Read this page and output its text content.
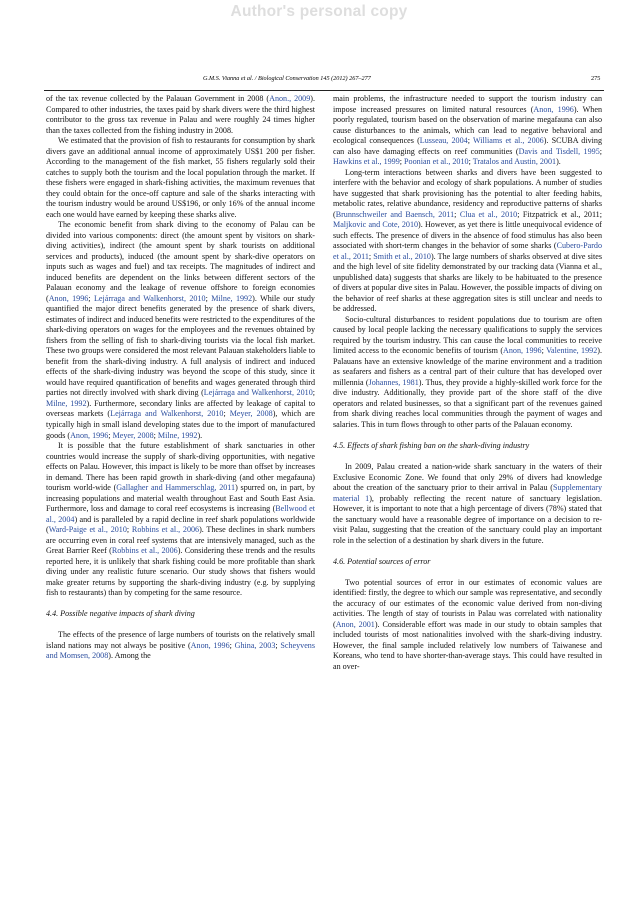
Author's personal copy
G.M.S. Vianna et al. / Biological Conservation 145 (2012) 267–277	275

of the tax revenue collected by the Palauan Government in 2008 (Anon., 2009). Compared to other industries, the taxes paid by shark divers were the third highest contributor to the gross tax revenue in Palau and were roughly 24 times higher than the taxes collected from the fishing industry in 2008.

We estimated that the provision of fish to restaurants for consumption by shark divers gave an additional annual income of approximately US$1 200 per fisher. According to the management of the fish market, 55 fishers regularly sold their catches to supply both the tourism and the local population through the market. If these fishers were engaged in shark-fishing activities, the maximum revenues that they could obtain for the once-off capture and sale of the sharks interacting with the tourism industry would be around US$196, or only 16% of the annual income each one would have earned by keeping these sharks alive.

The economic benefit from shark diving to the economy of Palau can be divided into various components: direct (the amount spent by visitors on shark-diving activities), indirect (the amount spent by shark tourists on additional services and products), induced (the amount spent by shark-dive operators on inputs such as wages and fuel) and tax receipts. The magnitudes of indirect and induced benefits are dependent on the links between different sectors of the Palauan economy and the leakage of revenue offshore to foreign economies (Anon, 1996; Lejárraga and Walkenhorst, 2010; Milne, 1992). While our study quantified the major direct benefits generated by the presence of shark divers, estimates of indirect and induced benefits were restricted to the expenditures of the shark-diving operators on wages for the employees and the revenues obtained by fishers from the selling of fish to shark-diving tourists via the local fish market. These two groups were considered the most relevant Palauan stakeholders liable to benefit from the shark-diving industry. A full analysis of indirect and induced effects of the shark-diving industry was beyond the scope of this study, since it would have required quantification of benefits and wages generated through third parties not directly involved with shark diving (Lejárraga and Walkenhorst, 2010; Milne, 1992). Furthermore, secondary links are affected by leakage of capital to overseas markets (Lejárraga and Walkenhorst, 2010; Meyer, 2008), which are typically high in small island developing states due to the import of manufactured goods (Anon, 1996; Meyer, 2008; Milne, 1992).

It is possible that the future establishment of shark sanctuaries in other countries would increase the supply of shark-diving opportunities, with negative effects on Palau. However, this impact is likely to be more than offset by increases in demand. There has been rapid growth in shark-diving (and other megafauna) tourism world-wide (Gallagher and Hammerschlag, 2011) spurred on, in part, by increasing populations and material wealth throughout East and South East Asia. Furthermore, loss and damage to coral reef ecosystems is increasing (Bellwood et al., 2004) and is paralleled by a rapid decline in reef shark populations worldwide (Ward-Paige et al., 2010; Robbins et al., 2006). These declines in shark numbers are occurring even in coral reef systems that are intensively managed, such as the Great Barrier Reef (Robbins et al., 2006). Considering these trends and the results reported here, it is unlikely that shark fishing could be more profitable than shark diving under any realistic future scenario. Our study shows that fishers would make greater returns by supporting the shark-diving industry (e.g. by supplying fish to restaurants) than by competing for the same resource.

4.4. Possible negative impacts of shark diving

The effects of the presence of large numbers of tourists on the relatively small island nations may not always be positive (Anon, 1996; Ghina, 2003; Scheyvens and Momsen, 2008). Among the

main problems, the infrastructure needed to support the tourism industry can impose increased pressures on limited natural resources (Anon, 1996). When poorly regulated, tourism based on the observation of marine megafauna can also cause disturbances to the animals, which can lead to negative behavioral and ecological consequences (Lusseau, 2004; Williams et al., 2006). SCUBA diving can also have damaging effects on reef communities (Davis and Tisdell, 1995; Hawkins et al., 1999; Poonian et al., 2010; Tratalos and Austin, 2001).

Long-term interactions between sharks and divers have been suggested to interfere with the behavior and ecology of shark populations. A number of studies have suggested that shark provisioning has the potential to alter feeding habits, metabolic rates, relative abundance, residency and reproductive patterns of sharks (Brunnschweiler and Baensch, 2011; Clua et al., 2010; Fitzpatrick et al., 2011; Maljkovic and Cote, 2010). However, as yet there is little unequivocal evidence of such effects. The presence of divers in the absence of food stimulus has also been associated with short-term changes in the behavior of some sharks (Cubero-Pardo et al., 2011; Smith et al., 2010). The large numbers of sharks observed at dive sites and the high level of site fidelity demonstrated by our tracking data (Vianna et al., unpublished data) suggests that sharks are likely to be habituated to the presence of divers at popular dive sites in Palau. However, the possible impacts of diving on the behavior of reef sharks at these aggregation sites is still unclear and needs to be addressed.

Socio-cultural disturbances to resident populations due to tourism are often caused by local people lacking the necessary qualifications to supply the services required by the tourism industry. This can cause the local communities to receive limited access to the economic benefits of tourism (Anon, 1996; Valentine, 1992). Palauans have an extensive knowledge of the marine environment and a tradition as seafarers and fishers as a central part of their culture that has developed over millennia (Johannes, 1981). Thus, they provide a highly-skilled work force for the dive industry. Additionally, they provide part of the shore staff of the dive operators and related businesses, so that a significant part of the revenues gained from shark diving reaches local communities through the payment of wages and salaries. This in turn flows through to other parts of the Palauan economy.

4.5. Effects of shark fishing ban on the shark-diving industry

In 2009, Palau created a nation-wide shark sanctuary in the waters of their Exclusive Economic Zone. We found that only 29% of divers had knowledge about the creation of the sanctuary prior to their arrival in Palau (Supplementary material 1), probably reflecting the recent nature of sanctuary legislation. However, it is important to note that a high percentage of divers (78%) stated that the sanctuary would have a reasonable degree of importance on a decision to re-visit Palau, suggesting that the creation of the sanctuary could play an important role in the selection of a destination by shark divers in the future.

4.6. Potential sources of error

Two potential sources of error in our estimates of economic values are identified: firstly, the degree to which our sample was representative, and secondly the accuracy of our estimates of the economic value derived from non-diving activities. The length of stay of tourists in Palau was correlated with nationality (Anon, 2001). Considerable effort was made in our study to obtain samples that included tourists of most nationalities involved with the shark-diving industry. However, the final sample included relatively low numbers of Taiwanese and Koreans, who tend to have shorter-than-average stays. This could have resulted in an over-
